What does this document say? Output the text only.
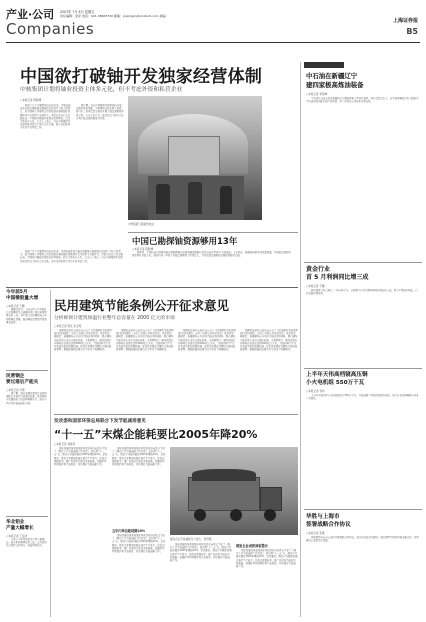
产业·公司 2007年 7月 6日 星期五
责任编辑：金萍 电话：021-38967720 邮箱：jinpingjin@cnstock.com 美编：
Companies	上海证券报
B5
中国欲打破铀开发独家经营体制
中核集团计划将铀业投资主体多元化，但不考虑外资和私营企业
○本报记者 陈敏博

据悉了几个方面情况以前的来讲，中国在铀开发与铀资源储备方面虽然已经进行了较大的努力，但中国核工业集团公司仍然独家垄断铀矿的勘探开采与销售等全部环节。本报记者从有关方面获悉，中国将打破铀开发独家经营体制，投资主体将多元化。有关人士表示，目前中核集团正在研究铀业投资主体多元化方案，但外资和私营企业将不在考虑之列。

据了解，目前中核集团正研究国内外铀资源开发新思路，中核集团已经在澳大利亚、尼日尔、纳米比亚等国家开展了铀资源勘探开发合作。有关专家认为，铀业投资主体多元化有利于铀资源的勘查与开发。

中核集团下属某核电站
中国已勘探铀资源够用13年
○本报记者 陈敏博

据介绍，中国目前已探明的铀资源按照现有的核电建设规模计算可以满足13年左右的需求。专家指出，随着核电事业的快速发展，中国铀资源的供需矛盾将日益突出。国家将进一步加大对铀资源勘探工作的投入，力争在铀资源勘探方面取得新的突破。

据悉了几个方面情况以前的来讲，中国在铀开发与铀资源储备方面虽然已经进行了较大的努力，但中国核工业集团公司仍然独家垄断铀矿的勘探开采与销售等全部环节。本报记者从有关方面获悉，中国将打破铀开发独家经营体制，投资主体将多元化。有关人士表示，目前中核集团正在研究铀业投资主体多元化方案，但外资和私营企业将不在考虑之列。

中石油在新疆辽宁
建四家极高炼油装备
○本报记者 李锦坤

中石油日前宣布将在新疆和辽宁建设四套大型炼化装置，项目总投资巨大，这些装置建成后将大幅提升中石油的炼油能力和产品质量，进一步优化公司炼化业务布局。

黄金行业
首 5 月利润同比增三成
○本报记者 于鹏

据中国黄金协会统计，今年前5个月，全国黄金行业实现利润同比增长约三成，黄金产量稳步增长，行业效益明显改善。

上半年天伟高档镜高压铜
小火电机组 550万千瓦
○本报记者 李和

上半年全国关停小火电机组共计550万千瓦，节能减排工作取得阶段性成效，电力行业结构调整步伐进一步加快。

华胜与上海市
签署战略合作协议
○本报记者 张维

华胜集团日前与上海市签署战略合作协议，双方将在信息化建设、城市管理等领域开展全面合作，共同推进上海信息化发展。

今年前5月
中国橡胶量大增
○本报记者 于鹏

据海关统计，今年前5个月中国进口天然橡胶及合成橡胶共计较去年同期增长约一成，其中进口天然橡胶较上年同期增长显著，国内橡胶消费保持快速增长态势。

民营钢企
要过落后产能关
○本报记者 叶勇

据了解，国家发展改革委正在研究钢铁行业落后产能淘汰标准，民营钢铁企业面临较大的结构调整压力，部分小型企业将被迫退出市场。

华北铝业
产量大幅增长
○本报记者 王宙洁

今年上半年华北铝业产量大幅增长，较去年同期增长约三成，公司铝材出口保持良好势头，效益明显提升。

民用建筑节能条例公开征求意见
分析师预计建筑保温行业整年总容量在 2000 亿元的市场
○本报记者 陈亮 朱宝琛

国务院法制办公室日前公布了《民用建筑节能条例(征求意见稿)》，向社会各界公开征求意见。征求意见稿规定，新建建筑应当采用节能技术和材料，既有建筑节能改造应当符合国家标准。分析师预计，建筑保温行业整年总容量将达到2000亿元左右，节能材料生产企业将迎来新的发展机遇。征求意见稿还对建筑节能的监督管理、激励措施和法律责任等作出了明确规定。

国务院法制办公室日前公布了《民用建筑节能条例(征求意见稿)》，向社会各界公开征求意见。征求意见稿规定，新建建筑应当采用节能技术和材料，既有建筑节能改造应当符合国家标准。分析师预计，建筑保温行业整年总容量将达到2000亿元左右，节能材料生产企业将迎来新的发展机遇。征求意见稿还对建筑节能的监督管理、激励措施和法律责任等作出了明确规定。

国务院法制办公室日前公布了《民用建筑节能条例(征求意见稿)》，向社会各界公开征求意见。征求意见稿规定，新建建筑应当采用节能技术和材料，既有建筑节能改造应当符合国家标准。分析师预计，建筑保温行业整年总容量将达到2000亿元左右，节能材料生产企业将迎来新的发展机遇。征求意见稿还对建筑节能的监督管理、激励措施和法律责任等作出了明确规定。

国务院法制办公室日前公布了《民用建筑节能条例(征求意见稿)》，向社会各界公开征求意见。征求意见稿规定，新建建筑应当采用节能技术和材料，既有建筑节能改造应当符合国家标准。分析师预计，建筑保温行业整年总容量将达到2000亿元左右，节能材料生产企业将迎来新的发展机遇。征求意见稿还对建筑节能的监督管理、激励措施和法律责任等作出了明确规定。

发改委和国家环保总局联合下发节能减排意见
“十一五”末煤企能耗要比2005年降20%
○本报记者 刘春彦

国家发展改革委和国家环保总局日前联合下发了《煤炭工业节能减排工作意见》，提出到“十一五”末，煤炭企业能耗要比2005年降低20%。意见要求，煤炭企业要加快淘汰落后生产能力，提高资源回收率，推广先进的节能技术和装备，加强矿区环境保护和生态恢复，切实做好节能减排工作。

国家发展改革委和国家环保总局日前联合下发了《煤炭工业节能减排工作意见》，提出到“十一五”末，煤炭企业能耗要比2005年降低20%。意见要求，煤炭企业要加快淘汰落后生产能力，提高资源回收率，推广先进的节能技术和装备，加强矿区环境保护和生态恢复，切实做好节能减排工作。

五年内单位能耗降20%

国家发展改革委和国家环保总局日前联合下发了《煤炭工业节能减排工作意见》，提出到“十一五”末，煤炭企业能耗要比2005年降低20%。意见要求，煤炭企业要加快淘汰落后生产能力，提高资源回收率，推广先进的节能技术和装备，加强矿区环境保护和生态恢复，切实做好节能减排工作。

煤炭企业节能减排压力加大，资料图

国家发展改革委和国家环保总局日前联合下发了《煤炭工业节能减排工作意见》，提出到“十一五”末，煤炭企业能耗要比2005年降低20%。意见要求，煤炭企业要加快淘汰落后生产能力，提高资源回收率，推广先进的节能技术和装备，加强矿区环境保护和生态恢复，切实做好节能减排工作。

煤炭企业或将面临整合

国家发展改革委和国家环保总局日前联合下发了《煤炭工业节能减排工作意见》，提出到“十一五”末，煤炭企业能耗要比2005年降低20%。意见要求，煤炭企业要加快淘汰落后生产能力，提高资源回收率，推广先进的节能技术和装备，加强矿区环境保护和生态恢复，切实做好节能减排工作。
